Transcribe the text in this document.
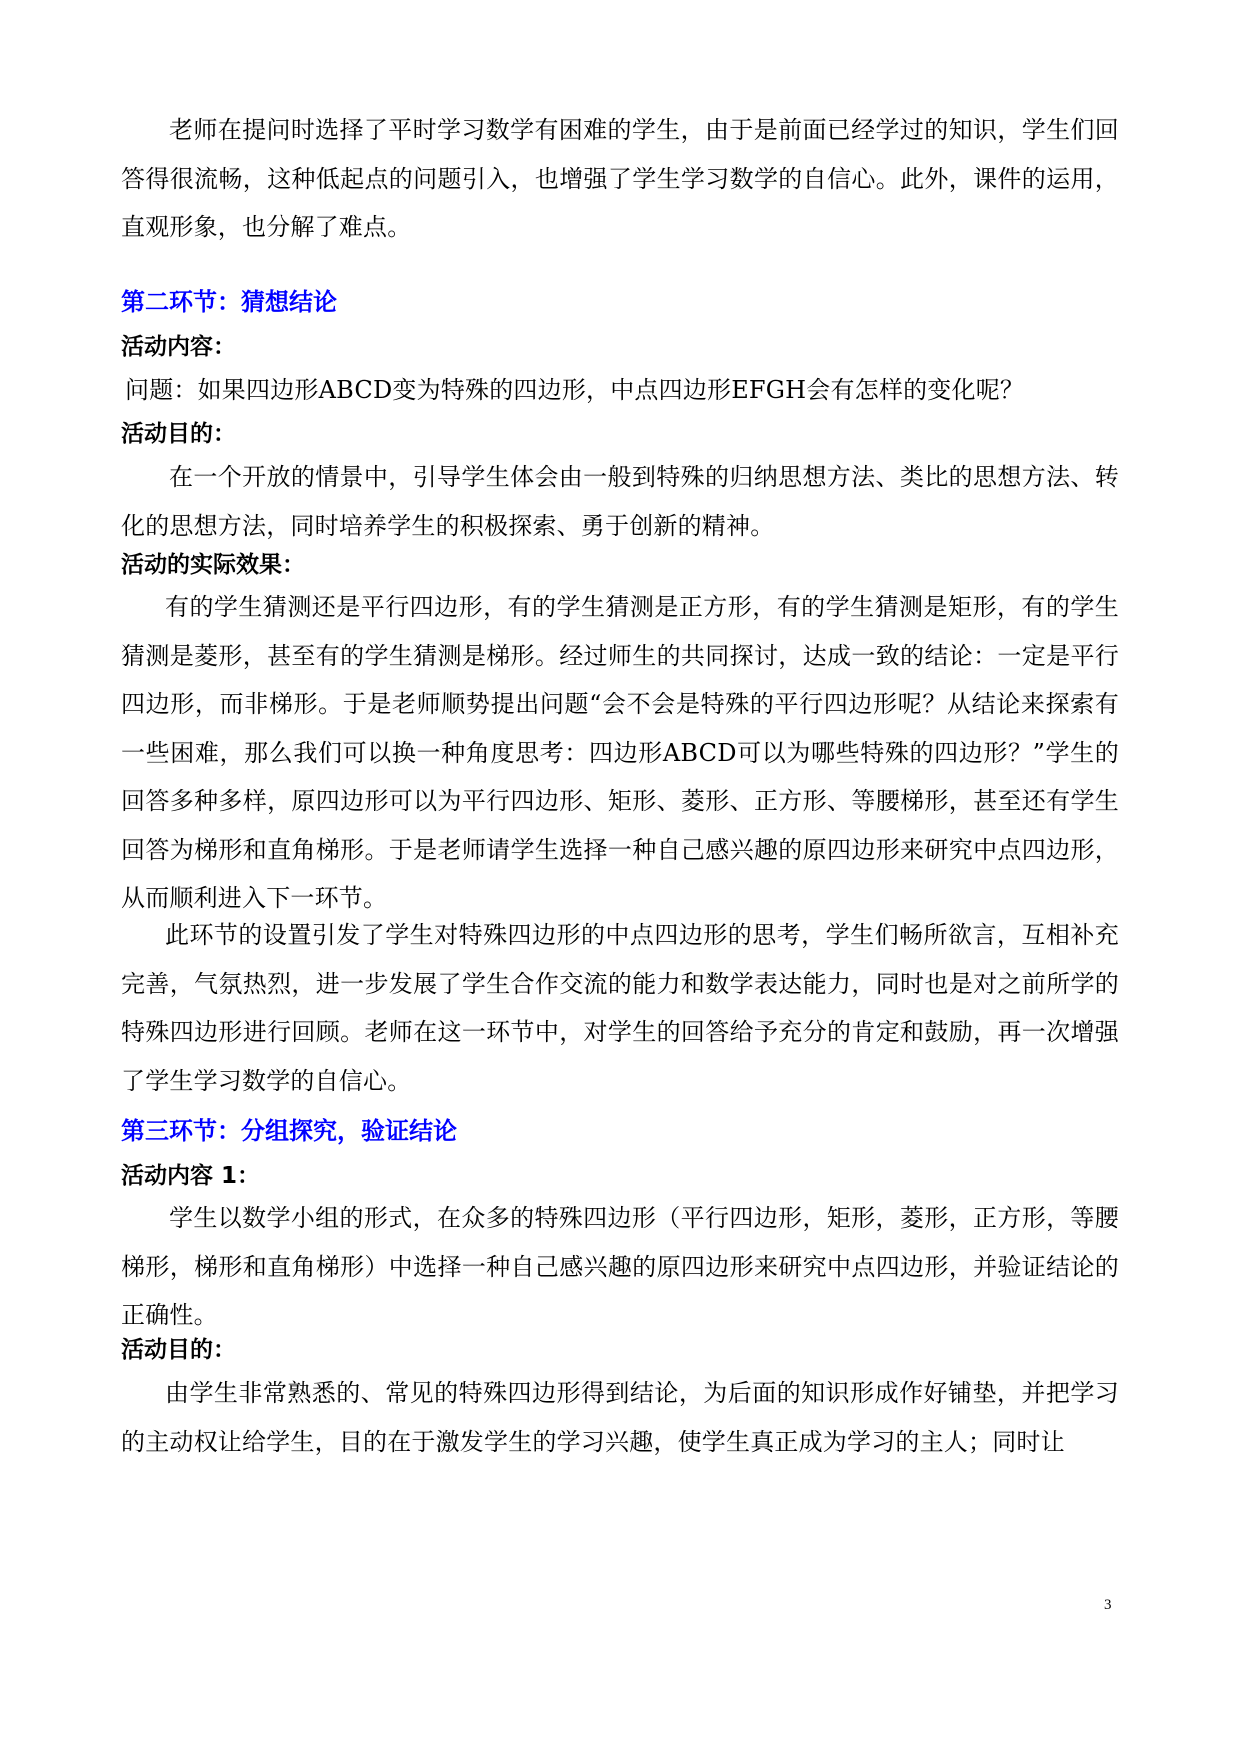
老师在提问时选择了平时学习数学有困难的学生，由于是前面已经学过的知识，学生们回答得很流畅，这种低起点的问题引入，也增强了学生学习数学的自信心。此外，课件的运用，直观形象，也分解了难点。

第二环节：猜想结论
活动内容：

问题：如果四边形ABCD变为特殊的四边形，中点四边形EFGH会有怎样的变化呢？

活动目的：

在一个开放的情景中，引导学生体会由一般到特殊的归纳思想方法、类比的思想方法、转化的思想方法，同时培养学生的积极探索、勇于创新的精神。

活动的实际效果：

有的学生猜测还是平行四边形，有的学生猜测是正方形，有的学生猜测是矩形，有的学生猜测是菱形，甚至有的学生猜测是梯形。经过师生的共同探讨，达成一致的结论：一定是平行四边形，而非梯形。于是老师顺势提出问题“会不会是特殊的平行四边形呢？从结论来探索有一些困难，那么我们可以换一种角度思考：四边形ABCD可以为哪些特殊的四边形？”学生的回答多种多样，原四边形可以为平行四边形、矩形、菱形、正方形、等腰梯形，甚至还有学生回答为梯形和直角梯形。于是老师请学生选择一种自己感兴趣的原四边形来研究中点四边形，从而顺利进入下一环节。

此环节的设置引发了学生对特殊四边形的中点四边形的思考，学生们畅所欲言，互相补充完善，气氛热烈，进一步发展了学生合作交流的能力和数学表达能力，同时也是对之前所学的特殊四边形进行回顾。老师在这一环节中，对学生的回答给予充分的肯定和鼓励，再一次增强了学生学习数学的自信心。

第三环节：分组探究，验证结论
活动内容 1：

学生以数学小组的形式，在众多的特殊四边形（平行四边形，矩形，菱形，正方形，等腰梯形，梯形和直角梯形）中选择一种自己感兴趣的原四边形来研究中点四边形，并验证结论的正确性。

活动目的：

由学生非常熟悉的、常见的特殊四边形得到结论，为后面的知识形成作好铺垫，并把学习的主动权让给学生，目的在于激发学生的学习兴趣，使学生真正成为学习的主人；同时让

3
